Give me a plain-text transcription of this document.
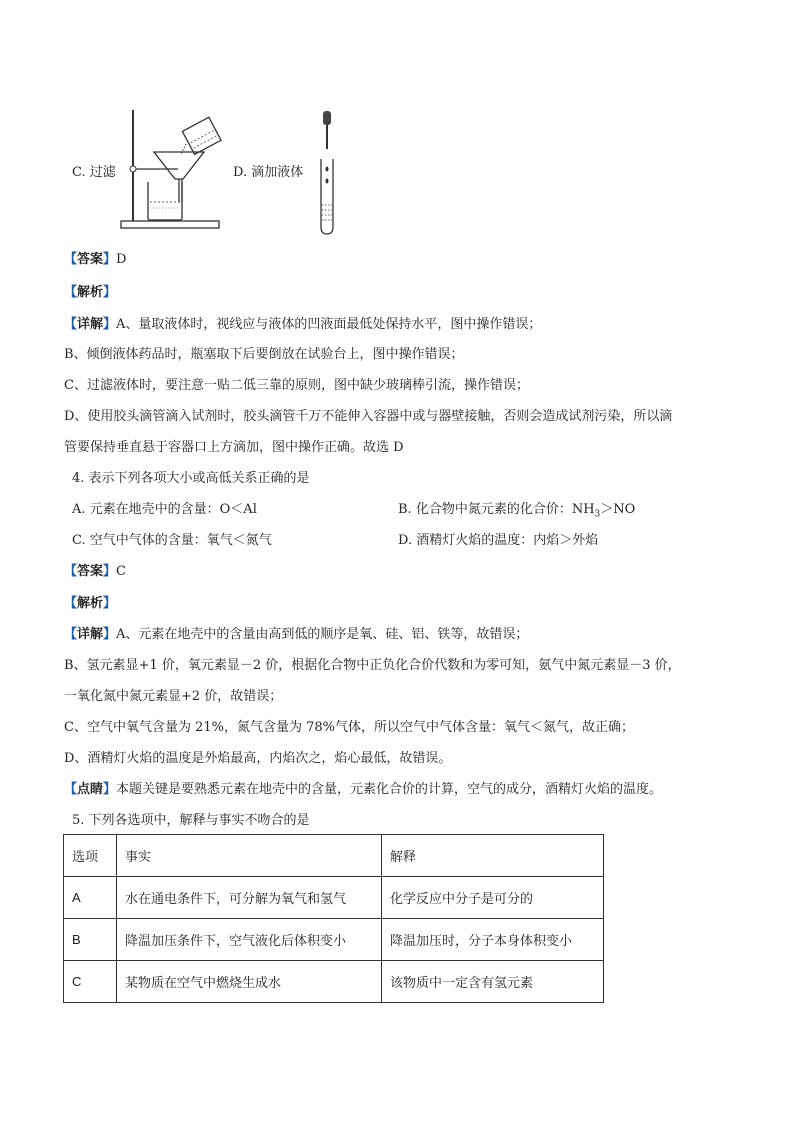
C. 过滤	D. 滴加液体
【答案】D
【解析】
【详解】A、量取液体时，视线应与液体的凹液面最低处保持水平，图中操作错误；
B、倾倒液体药品时，瓶塞取下后要倒放在试验台上，图中操作错误；
C、过滤液体时，要注意一贴二低三靠的原则，图中缺少玻璃棒引流，操作错误；
D、使用胶头滴管滴入试剂时，胶头滴管千万不能伸入容器中或与器壁接触，否则会造成试剂污染，所以滴
管要保持垂直悬于容器口上方滴加，图中操作正确。故选 D
4. 表示下列各项大小或高低关系正确的是
A. 元素在地壳中的含量：O＜Al	B. 化合物中氮元素的化合价：$NH_3>NO$
C. 空气中气体的含量：氧气＜氮气	D. 酒精灯火焰的温度：内焰＞外焰
【答案】C
【解析】
【详解】A、元素在地壳中的含量由高到低的顺序是氧、硅、铝、铁等，故错误；
B、氢元素显+1 价，氧元素显－2 价，根据化合物中正负化合价代数和为零可知，氨气中氮元素显－3 价，
一氧化氮中氮元素显+2 价，故错误；
C、空气中氧气含量为 21%，氮气含量为 78%气体，所以空气中气体含量：氧气＜氮气，故正确；
D、酒精灯火焰的温度是外焰最高，内焰次之，焰心最低，故错误。
【点睛】本题关键是要熟悉元素在地壳中的含量，元素化合价的计算，空气的成分，酒精灯火焰的温度。
5. 下列各选项中，解释与事实不吻合的是
选项	事实	解释
A	水在通电条件下，可分解为氧气和氢气	化学反应中分子是可分的
B	降温加压条件下，空气液化后体积变小	降温加压时，分子本身体积变小
C	某物质在空气中燃烧生成水	该物质中一定含有氢元素
